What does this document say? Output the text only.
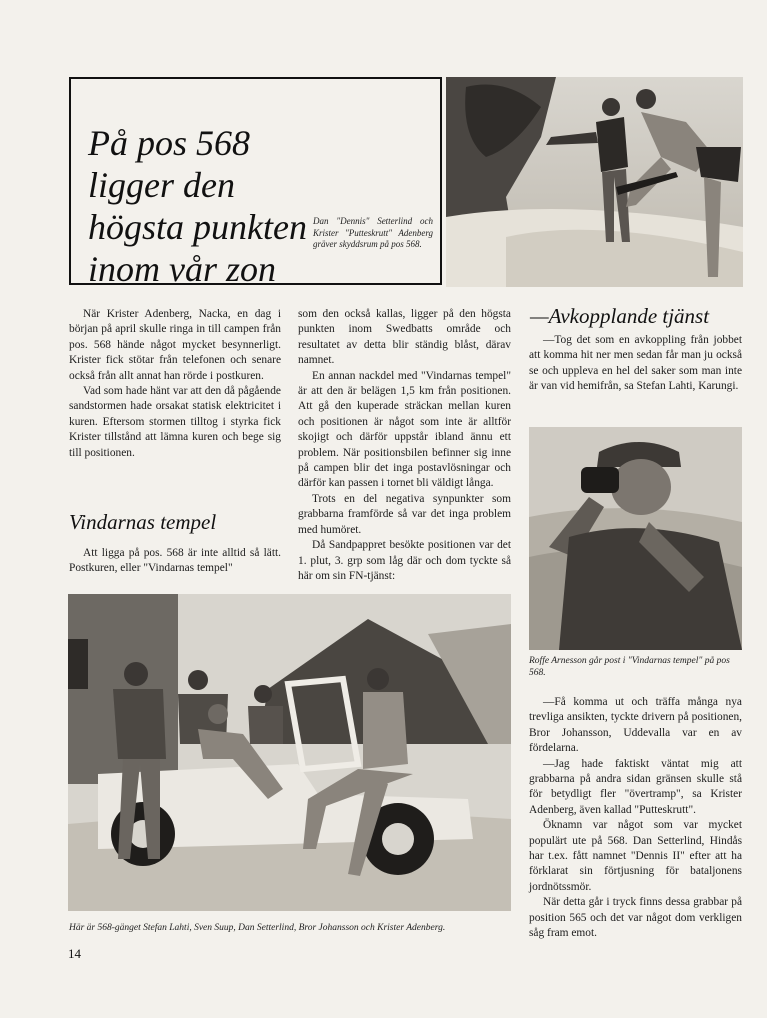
På pos 568
ligger den
högsta punkten
inom vår zon
Dan "Dennis" Setterlind och Krister "Putteskrutt" Adenberg gräver skyddsrum på pos 568.

När Krister Adenberg, Nacka, en dag i början på april skulle ringa in till campen från pos. 568 hände något mycket besynnerligt. Krister fick stötar från telefonen och senare också från allt annat han rörde i postkuren.

Vad som hade hänt var att den då pågående sandstormen hade orsakat statisk elektricitet i kuren. Eftersom stormen tilltog i styrka fick Krister tillstånd att lämna kuren och bege sig till positionen.

Vindarnas tempel

Att ligga på pos. 568 är inte alltid så lätt. Postkuren, eller "Vindarnas tempel"

som den också kallas, ligger på den högsta punkten inom Swedbatts område och resultatet av detta blir ständig blåst, därav namnet.

En annan nackdel med "Vindarnas tempel" är att den är belägen 1,5 km från positionen. Att gå den kuperade sträckan mellan kuren och positionen är något som inte är alltför skojigt och därför uppstår ibland ännu ett problem. När positionsbilen befinner sig inne på campen blir det inga postavlösningar och därför kan passen i tornet bli väldigt långa.

Trots en del negativa synpunkter som grabbarna framförde så var det inga problem med humöret.

Då Sandpappret besökte positionen var det 1. plut, 3. grp som låg där och dom tyckte så här om sin FN-tjänst:

—Avkopplande tjänst

—Tog det som en avkoppling från jobbet att komma hit ner men sedan får man ju också se och uppleva en hel del saker som man inte är van vid hemifrån, sa Stefan Lahti, Karungi.

Roffe Arnesson går post i "Vindarnas tempel" på pos 568.

—Få komma ut och träffa många nya trevliga ansikten, tyckte drivern på positionen, Bror Johansson, Uddevalla var en av fördelarna.

—Jag hade faktiskt väntat mig att grabbarna på andra sidan gränsen skulle stå för betydligt fler "övertramp", sa Krister Adenberg, även kallad "Putteskrutt".

Öknamn var något som var mycket populärt ute på 568. Dan Setterlind, Hindås har t.ex. fått namnet "Dennis II" efter att ha förklarat sin förtjusning för bataljonens jordnötssmör.

När detta går i tryck finns dessa grabbar på position 565 och det var något dom verkligen såg fram emot.

Här är 568-gänget Stefan Lahti, Sven Suup, Dan Setterlind, Bror Johansson och Krister Adenberg.
14
